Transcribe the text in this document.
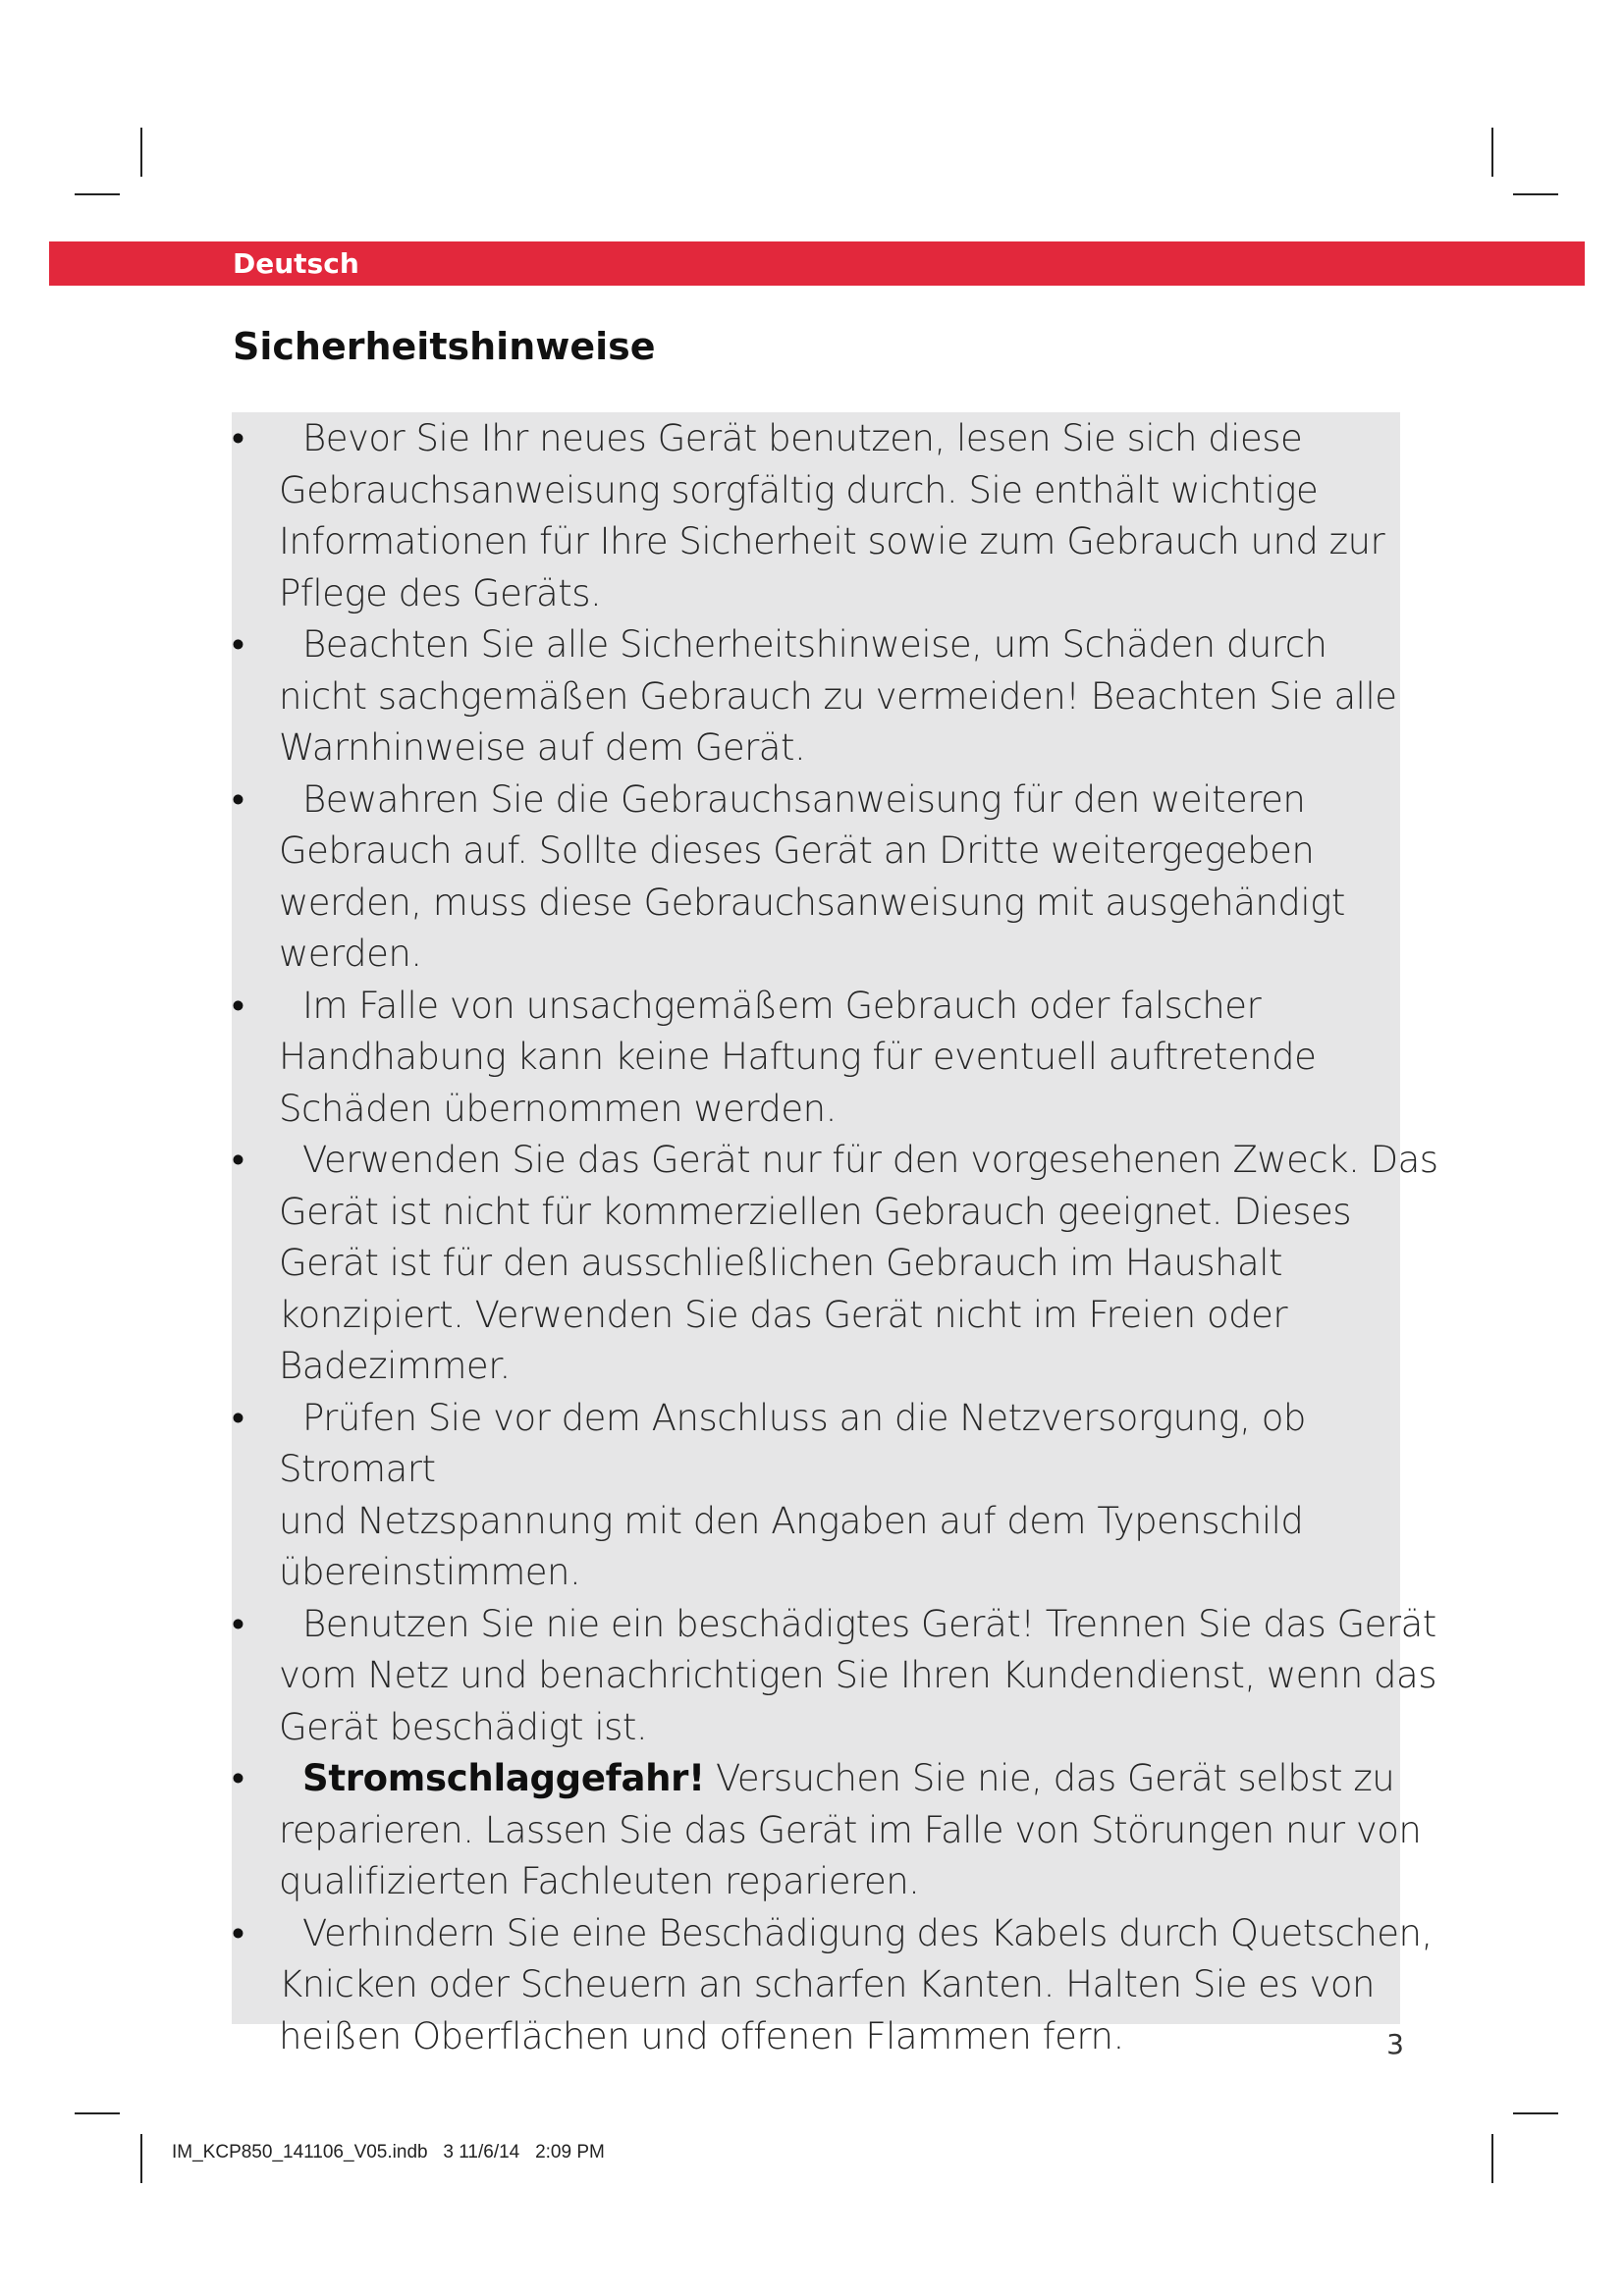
Deutsch
Sicherheitshinweise
• Bevor Sie Ihr neues Gerät benutzen, lesen Sie sich diese
Gebrauchsanweisung sorgfältig durch. Sie enthält wichtige Informationen für Ihre Sicherheit sowie zum Gebrauch und zur Pflege des Geräts.
• Beachten Sie alle Sicherheitshinweise, um Schäden durch
nicht sachgemäßen Gebrauch zu vermeiden! Beachten Sie alle Warnhinweise auf dem Gerät.
• Bewahren Sie die Gebrauchsanweisung für den weiteren
Gebrauch auf. Sollte dieses Gerät an Dritte weitergegeben werden, muss diese Gebrauchsanweisung mit ausgehändigt werden.
• Im Falle von unsachgemäßem Gebrauch oder falscher
Handhabung kann keine Haftung für eventuell auftretende Schäden übernommen werden.
• Verwenden Sie das Gerät nur für den vorgesehenen Zweck. Das
Gerät ist nicht für kommerziellen Gebrauch geeignet. Dieses Gerät ist für den ausschließlichen Gebrauch im Haushalt konzipiert. Verwenden Sie das Gerät nicht im Freien oder Badezimmer.
• Prüfen Sie vor dem Anschluss an die Netzversorgung, ob Stromart
und Netzspannung mit den Angaben auf dem Typenschild übereinstimmen.
• Benutzen Sie nie ein beschädigtes Gerät! Trennen Sie das Gerät
vom Netz und benachrichtigen Sie Ihren Kundendienst, wenn das Gerät beschädigt ist.
• Stromschlaggefahr! Versuchen Sie nie, das Gerät selbst zu
reparieren. Lassen Sie das Gerät im Falle von Störungen nur von qualifizierten Fachleuten reparieren.
• Verhindern Sie eine Beschädigung des Kabels durch Quetschen,
Knicken oder Scheuern an scharfen Kanten. Halten Sie es von heißen Oberflächen und offenen Flammen fern.	3
IM_KCP850_141106_V05.indb   3 11/6/14   2:09 PM
